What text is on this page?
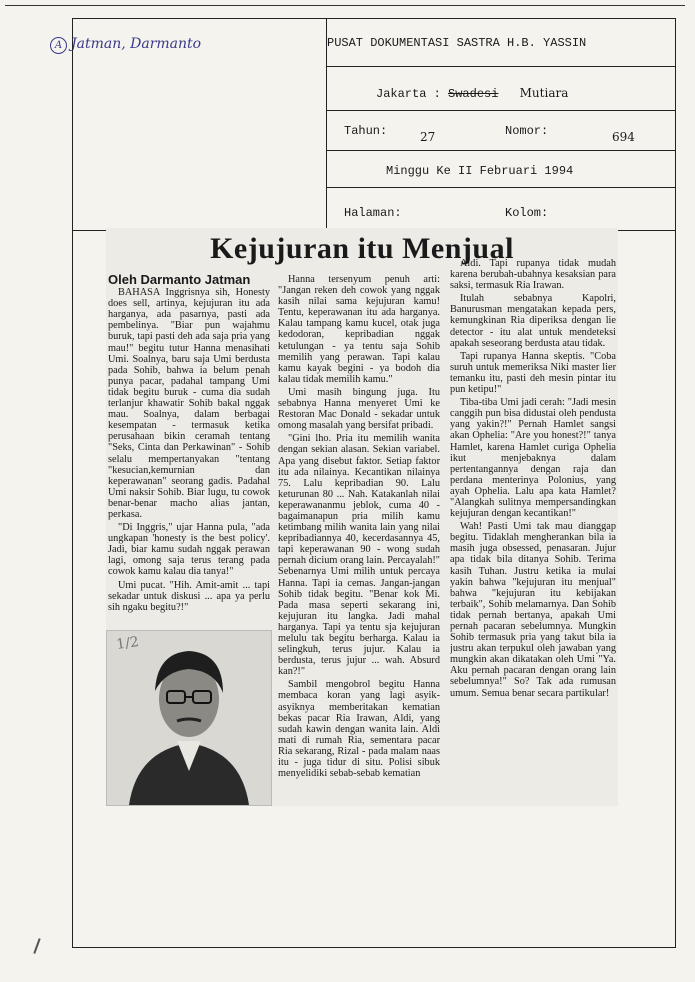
A Jatman, Darmanto	PUSAT DOKUMENTASI SASTRA H.B. YASSIN
Jakarta : Swadesi Mutiara
Tahun:	27	Nomor:	694
Minggu Ke II Februari 1994
Halaman:	Kolom:
Kejujuran itu Menjual

Oleh Darmanto Jatman

BAHASA Inggrisnya sih, Honesty does sell, artinya, kejujuran itu ada harganya, ada pasarnya, pasti ada pembelinya. "Biar pun wajahmu buruk, tapi pasti deh ada saja pria yang mau!" begitu tutur Hanna menasihati Umi. Soalnya, baru saja Umi berdusta pada Sohib, bahwa ia belum penah punya pacar, padahal tampang Umi tidak begitu buruk - cuma dia sudah terlanjur khawatir Sohib bakal nggak mau. Soalnya, dalam berbagai kesempatan - termasuk ketika perusahaan bikin ceramah tentang "Seks, Cinta dan Perkawinan" - Sohib selalu mempertanyakan "tentang "kesucian,kemurnian dan keperawanan" seorang gadis. Padahal Umi naksir Sohib. Biar lugu, tu cowok benar-benar macho alias jantan, perkasa.

"Di Inggris," ujar Hanna pula, "ada ungkapan 'honesty is the best policy'. Jadi, biar kamu sudah nggak perawan lagi, omong saja terus terang pada cowok kamu kalau dia tanya!"

Umi pucat. "Hih. Amit-amit ... tapi sekadar untuk diskusi ... apa ya perlu sih ngaku begitu?!"

1/2

Hanna tersenyum penuh arti: "Jangan reken deh cowok yang nggak kasih nilai sama kejujuran kamu! Tentu, keperawanan itu ada harganya. Kalau tampang kamu kucel, otak juga kedodoran, kepribadian nggak ketulungan - ya tentu saja Sohib memilih yang perawan. Tapi kalau kamu kayak begini - ya bodoh dia kalau tidak memilih kamu."

Umi masih bingung juga. Itu sebabnya Hanna menyeret Umi ke Restoran Mac Donald - sekadar untuk omong masalah yang bersifat pribadi.

"Gini lho. Pria itu memilih wanita dengan sekian alasan. Sekian variabel. Apa yang disebut faktor. Setiap faktor itu ada nilainya. Kecantikan nilainya 75. Lalu kepribadian 90. Lalu keturunan 80 ... Nah. Katakanlah nilai keperawananmu jeblok, cuma 40 - bagaimanapun pria milih kamu ketimbang milih wanita lain yang nilai kepribadiannya 40, kecerdasannya 45, tapi keperawanan 90 - wong sudah pernah dicium orang lain. Percayalah!" Sebenarnya Umi milih untuk percaya Hanna. Tapi ia cemas. Jangan-jangan Sohib tidak begitu. "Benar kok Mi. Pada masa seperti sekarang ini, kejujuran itu langka. Jadi mahal harganya. Tapi ya tentu sja kejujuran melulu tak begitu berharga. Kalau ia selingkuh, terus jujur. Kalau ia berdusta, terus jujur ... wah. Absurd kan?!"

Sambil mengobrol begitu Hanna membaca koran yang lagi asyik-asyiknya memberitakan kematian bekas pacar Ria Irawan, Aldi, yang sudah kawin dengan wanita lain. Aldi mati di rumah Ria, sementara pacar Ria sekarang, Rizal - pada malam naas itu - juga tidur di situ. Polisi sibuk menyelidiki sebab-sebab kematian

Aldi. Tapi rupanya tidak mudah karena berubah-ubahnya kesaksian para saksi, termasuk Ria Irawan.

Itulah sebabnya Kapolri, Banurusman mengatakan kepada pers, kemungkinan Ria diperiksa dengan lie detector - itu alat untuk mendeteksi apakah seseorang berdusta atau tidak.

Tapi rupanya Hanna skeptis. "Coba suruh untuk memeriksa Niki master lier temanku itu, pasti deh mesin pintar itu pun ketipu!"

Tiba-tiba Umi jadi cerah: "Jadi mesin canggih pun bisa didustai oleh pendusta yang yakin?!" Pernah Hamlet sangsi akan Ophelia: "Are you honest?!" tanya Hamlet, karena Hamlet curiga Ophelia ikut menjebaknya dalam pertentangannya dengan raja dan perdana menterinya Polonius, yang ayah Ophelia. Lalu apa kata Hamlet? "Alangkah sulitnya mempersandingkan kejujuran dengan kecantikan!"

Wah! Pasti Umi tak mau dianggap begitu. Tidaklah mengherankan bila ia masih juga obsessed, penasaran. Jujur apa tidak bila ditanya Sohib. Terima kasih Tuhan. Justru ketika ia mulai yakin bahwa "kejujuran itu menjual" bahwa "kejujuran itu kebijakan terbaik", Sohib melamarnya. Dan Sohib tidak pernah bertanya, apakah Umi pernah pacaran sebelumnya. Mungkin Sohib termasuk pria yang takut bila ia justru akan terpukul oleh jawaban yang mungkin akan dikatakan oleh Umi "Ya. Aku pernah pacaran dengan orang lain sebelumnya!" So? Tak ada rumusan umum. Semua benar secara partikular!
